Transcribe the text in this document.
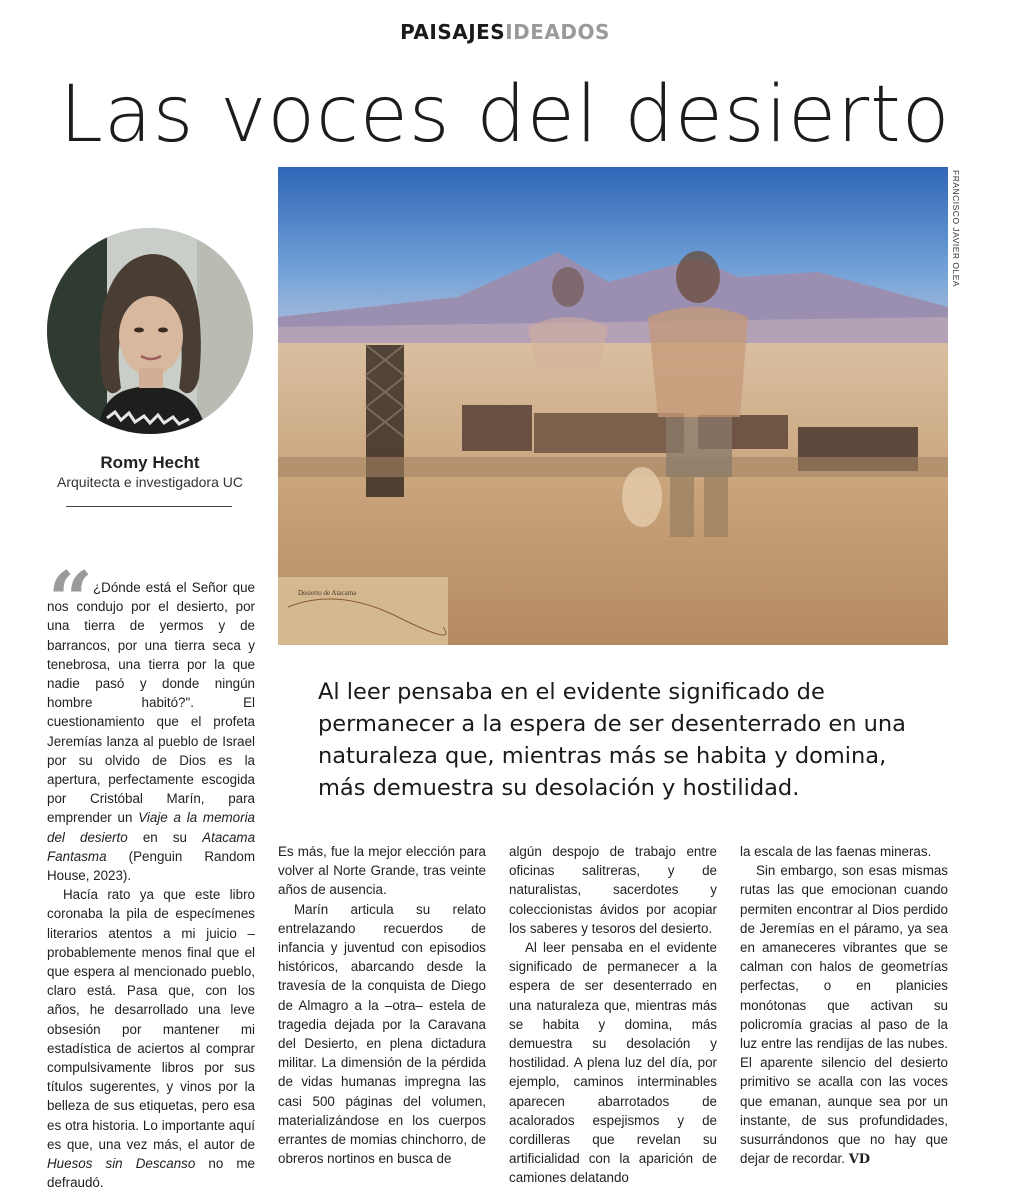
PAISAJESIDEADOS
Las voces del desierto
Romy Hecht
Arquitecta e investigadora UC
Desierto de Atacama
FRANCISCO JAVIER OLEA
Al leer pensaba en el evidente significado de permanecer a la espera de ser desenterrado en una naturaleza que, mientras más se habita y domina, más demuestra su desolación y hostilidad.
“ ¿Dónde está el Señor que nos condujo por el desierto, por una tierra de yermos y de barrancos, por una tierra seca y tenebrosa, una tierra por la que nadie pasó y donde ningún hombre habitó?". El cuestionamiento que el profeta Jeremías lanza al pueblo de Israel por su olvido de Dios es la apertura, perfectamente escogida por Cristóbal Marín, para emprender un Viaje a la memoria del desierto en su Atacama Fantasma (Penguin Random House, 2023).

Hacía rato ya que este libro coronaba la pila de especímenes literarios atentos a mi juicio –probablemente menos final que el que espera al mencionado pueblo, claro está. Pasa que, con los años, he desarrollado una leve obsesión por mantener mi estadística de aciertos al comprar compulsivamente libros por sus títulos sugerentes, y vinos por la belleza de sus etiquetas, pero esa es otra historia. Lo importante aquí es que, una vez más, el autor de Huesos sin Descanso no me defraudó.

Es más, fue la mejor elección para volver al Norte Grande, tras veinte años de ausencia.

Marín articula su relato entrelazando recuerdos de infancia y juventud con episodios históricos, abarcando desde la travesía de la conquista de Diego de Almagro a la –otra– estela de tragedia dejada por la Caravana del Desierto, en plena dictadura militar. La dimensión de la pérdida de vidas humanas impregna las casi 500 páginas del volumen, materializándose en los cuerpos errantes de momias chinchorro, de obreros nortinos en busca de

algún despojo de trabajo entre oficinas salitreras, y de naturalistas, sacerdotes y coleccionistas ávidos por acopiar los saberes y tesoros del desierto.

Al leer pensaba en el evidente significado de permanecer a la espera de ser desenterrado en una naturaleza que, mientras más se habita y domina, más demuestra su desolación y hostilidad. A plena luz del día, por ejemplo, caminos interminables aparecen abarrotados de acalorados espejismos y de cordilleras que revelan su artificialidad con la aparición de camiones delatando

la escala de las faenas mineras.

Sin embargo, son esas mismas rutas las que emocionan cuando permiten encontrar al Dios perdido de Jeremías en el páramo, ya sea en amaneceres vibrantes que se calman con halos de geometrías perfectas, o en planicies monótonas que activan su policromía gracias al paso de la luz entre las rendijas de las nubes. El aparente silencio del desierto primitivo se acalla con las voces que emanan, aunque sea por un instante, de sus profundidades, susurrándonos que no hay que dejar de recordar. VD
